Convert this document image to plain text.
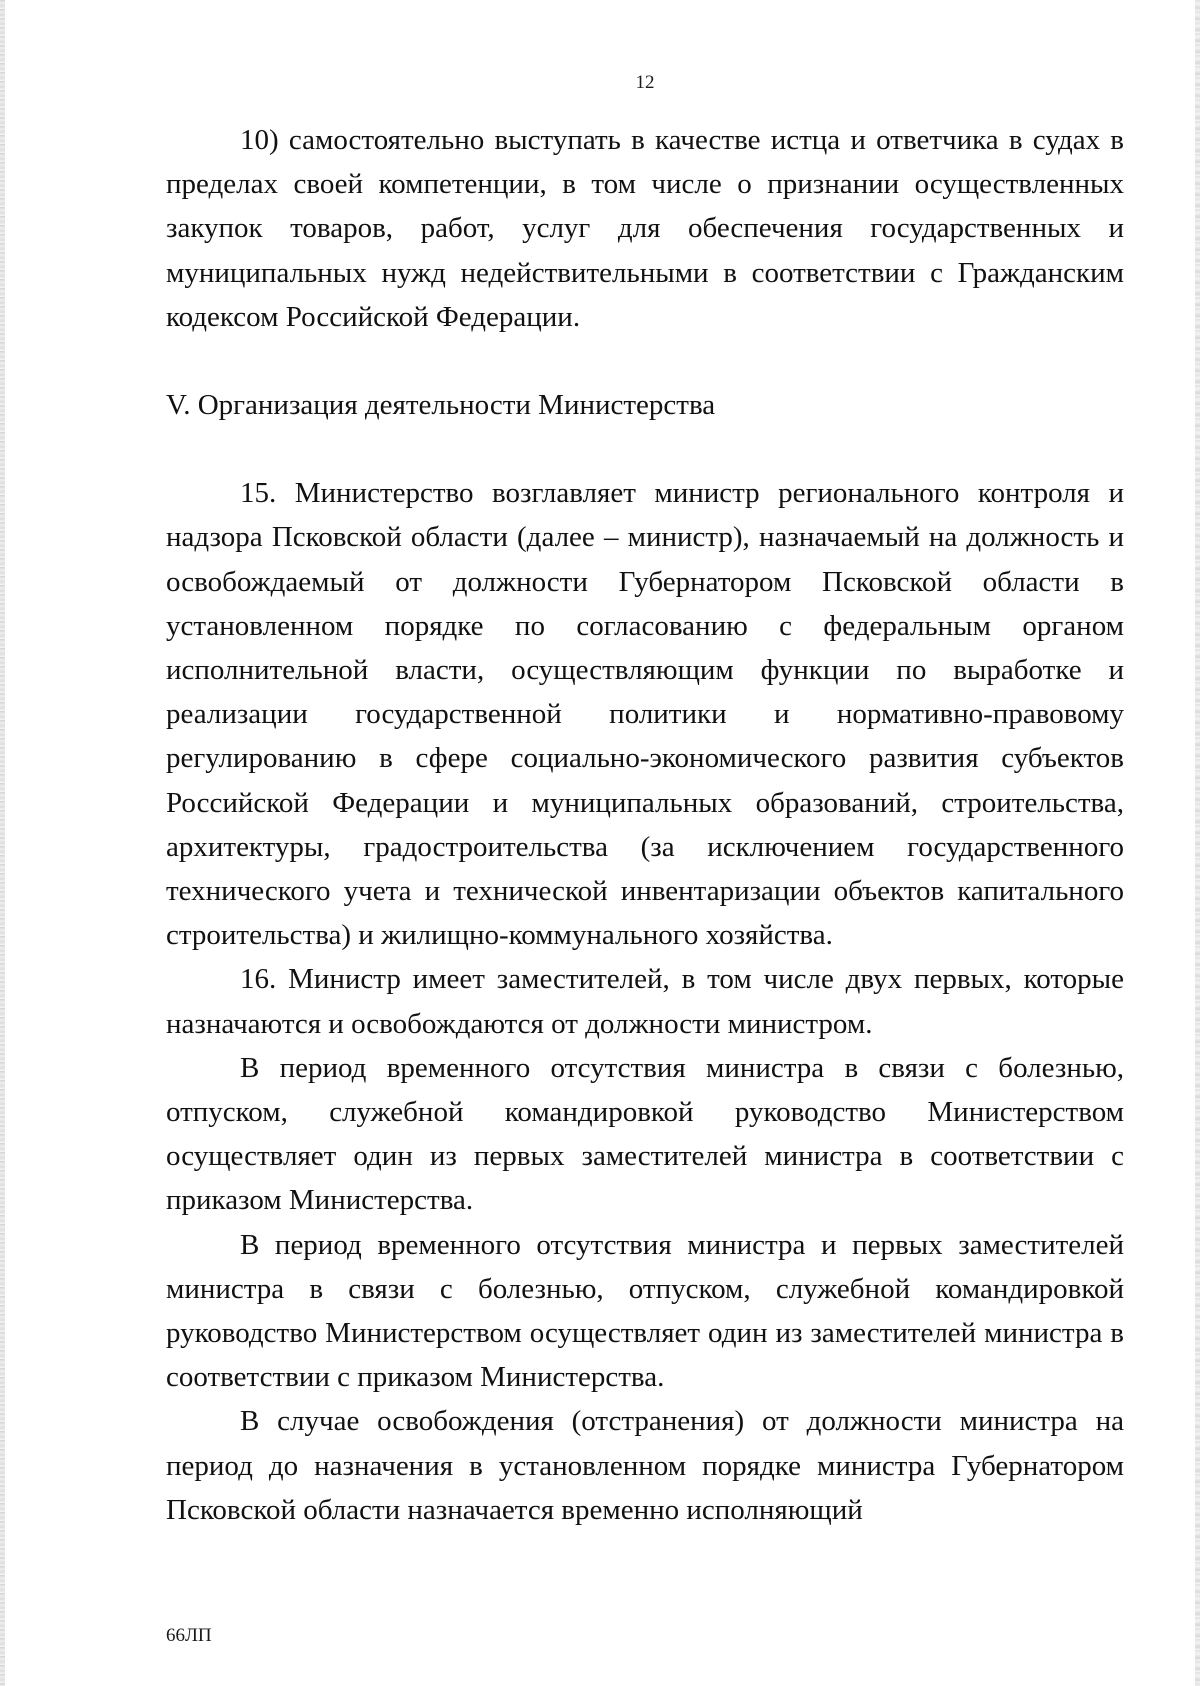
12

10) самостоятельно выступать в качестве истца и ответчика в судах в пределах своей компетенции, в том числе о признании осуществленных закупок товаров, работ, услуг для обеспечения государственных и муниципальных нужд недействительными в соответствии с Гражданским кодексом Российской Федерации.

V. Организация деятельности Министерства

15. Министерство возглавляет министр регионального контроля и надзора Псковской области (далее – министр), назначаемый на должность и освобождаемый от должности Губернатором Псковской области в установленном порядке по согласованию с федеральным органом исполнительной власти, осуществляющим функции по выработке и реализации государственной политики и нормативно-правовому регулированию в сфере социально-экономического развития субъектов Российской Федерации и муниципальных образований, строительства, архитектуры, градостроительства (за исключением государственного технического учета и технической инвентаризации объектов капитального строительства) и жилищно-коммунального хозяйства.

16. Министр имеет заместителей, в том числе двух первых, которые назначаются и освобождаются от должности министром.

В период временного отсутствия министра в связи с болезнью, отпуском, служебной командировкой руководство Министерством осуществляет один из первых заместителей министра в соответствии с приказом Министерства.

В период временного отсутствия министра и первых заместителей министра в связи с болезнью, отпуском, служебной командировкой руководство Министерством осуществляет один из заместителей министра в соответствии с приказом Министерства.

В случае освобождения (отстранения) от должности министра на период до назначения в установленном порядке министра Губернатором Псковской области назначается временно исполняющий

66ЛП
